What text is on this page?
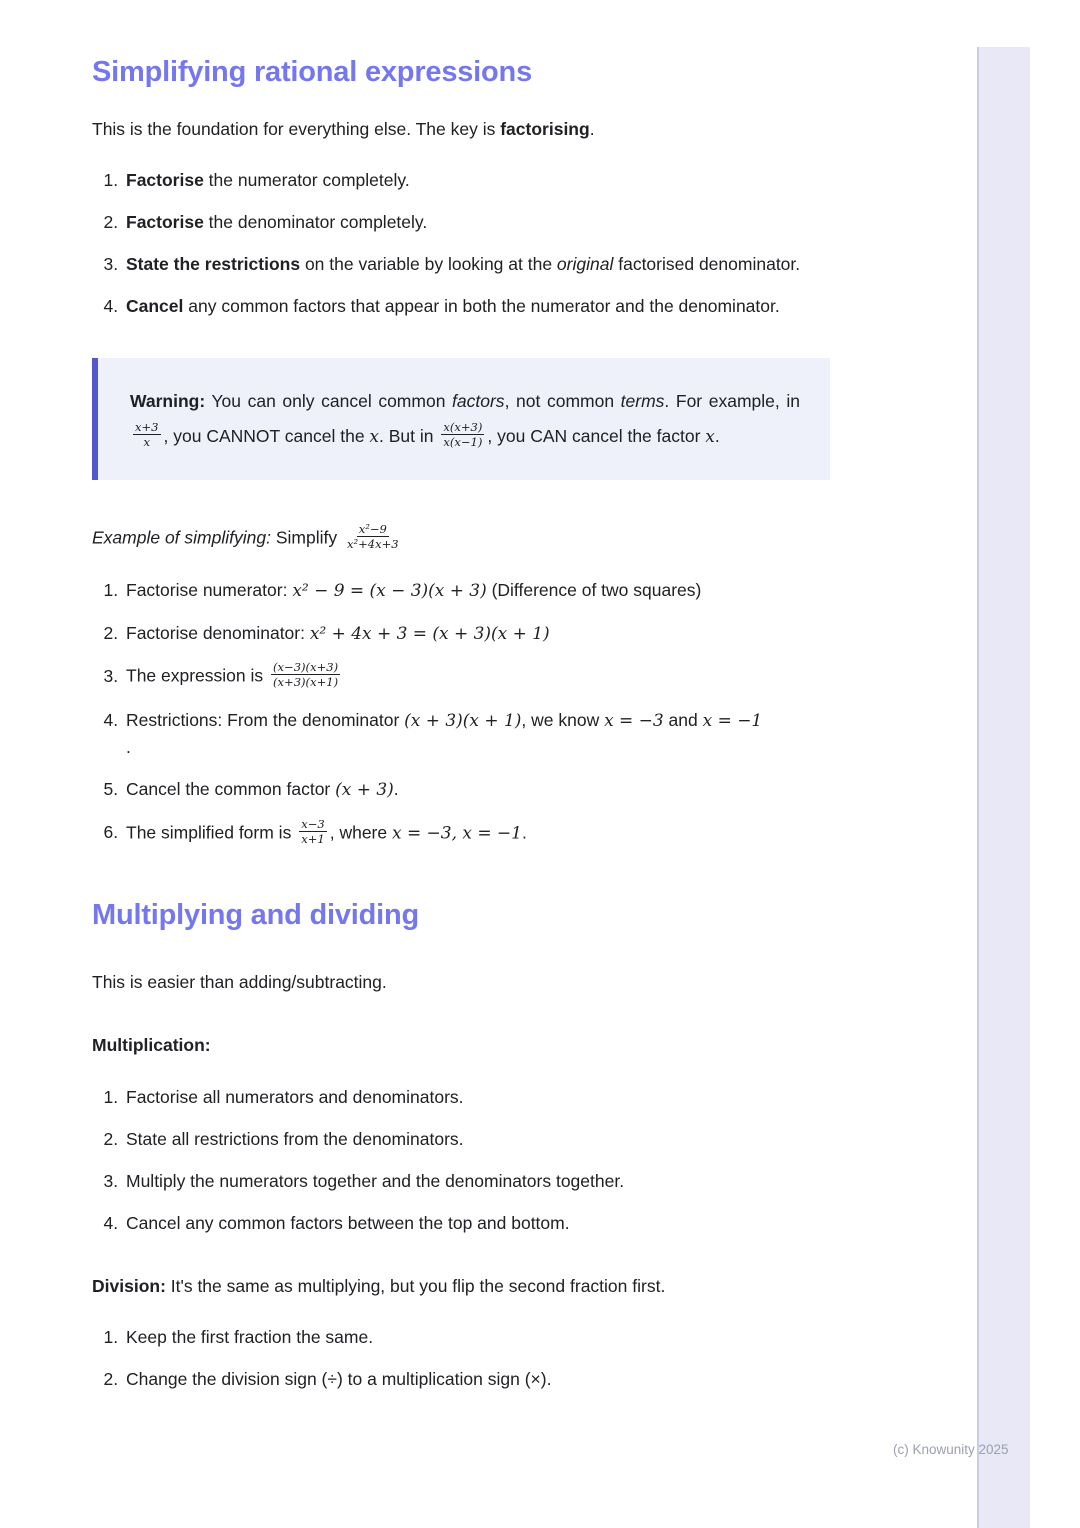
Simplifying rational expressions

This is the foundation for everything else. The key is factorising.

1. Factorise the numerator completely.
2. Factorise the denominator completely.
3. State the restrictions on the variable by looking at the original factorised denominator.
4. Cancel any common factors that appear in both the numerator and the denominator.

Warning: You can only cancel common factors, not common terms. For example, in
$\frac{x+3}{x}$ , you CANNOT cancel the x. But in $\frac{x(x+3)}{x(x-1)}$ , you CAN cancel the factor x.

Example of simplifying: Simplify $\frac{\text{x²−9}}{\text{x²+4x+3}}$

1. Factorise numerator: x² − 9 = (x − 3)(x + 3) (Difference of two squares)
2. Factorise denominator: x² + 4x + 3 = (x + 3)(x + 1)
3. The expression is $\frac{(x-3)(x+3)}{(x+3)(x+1)}$
4. Restrictions: From the denominator (x + 3)(x + 1), we know x = −3 and x = −1
.
5. Cancel the common factor (x + 3).
6. The simplified form is $\frac{x-3}{x+1}$ , where x = −3, x = −1.
Multiplying and dividing

This is easier than adding/subtracting.

Multiplication:

1. Factorise all numerators and denominators.
2. State all restrictions from the denominators.
3. Multiply the numerators together and the denominators together.
4. Cancel any common factors between the top and bottom.

Division: It's the same as multiplying, but you flip the second fraction first.

1. Keep the first fraction the same.
2. Change the division sign (÷) to a multiplication sign (×).
(c) Knowunity 2025
